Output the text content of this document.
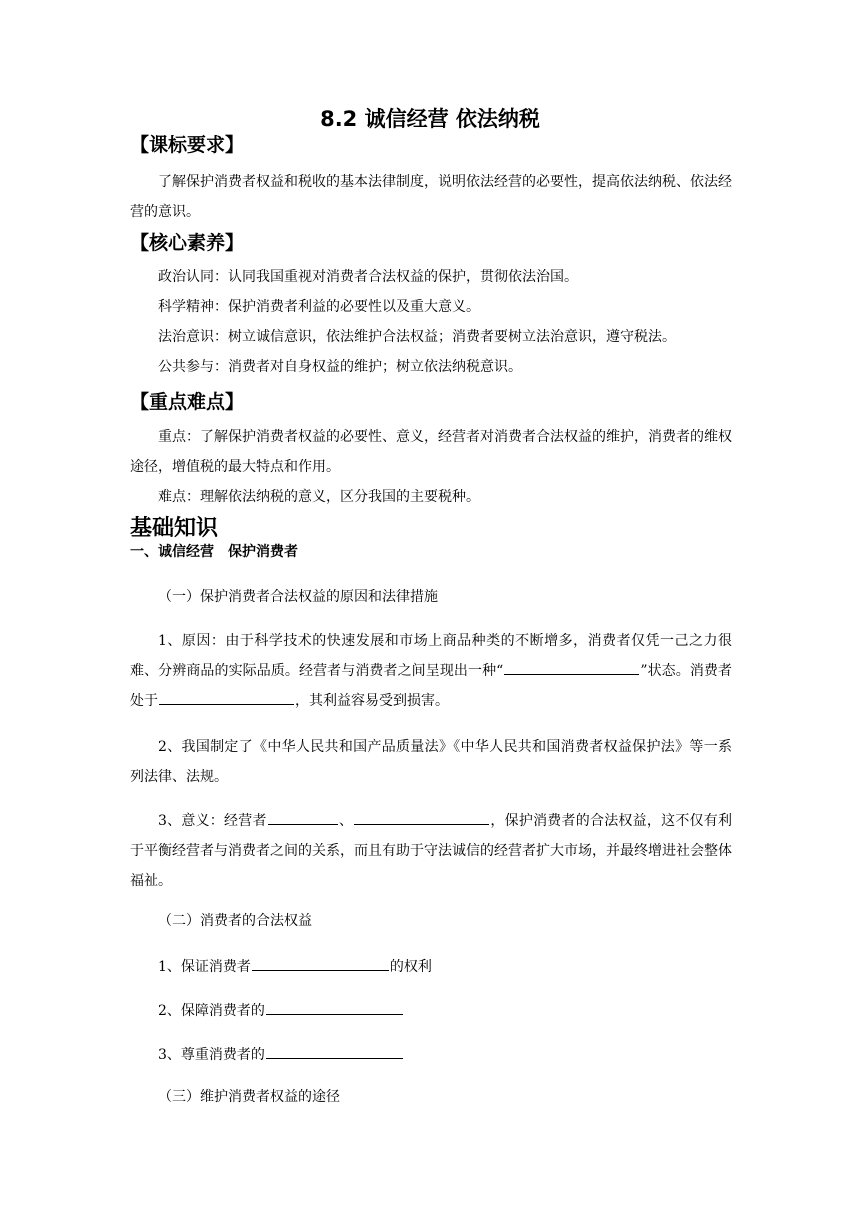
8.2 诚信经营 依法纳税
【课标要求】

了解保护消费者权益和税收的基本法律制度，说明依法经营的必要性，提高依法纳税、依法经营的意识。

【核心素养】
政治认同：认同我国重视对消费者合法权益的保护，贯彻依法治国。
科学精神：保护消费者利益的必要性以及重大意义。
法治意识：树立诚信意识，依法维护合法权益；消费者要树立法治意识，遵守税法。
公共参与：消费者对自身权益的维护；树立依法纳税意识。
【重点难点】

重点：了解保护消费者权益的必要性、意义，经营者对消费者合法权益的维护，消费者的维权途径，增值税的最大特点和作用。

难点：理解依法纳税的意义，区分我国的主要税种。
基础知识
一、诚信经营　保护消费者
（一）保护消费者合法权益的原因和法律措施

1、原因：由于科学技术的快速发展和市场上商品种类的不断增多，消费者仅凭一己之力很难、分辨商品的实际品质。经营者与消费者之间呈现出一种“	”状态。消费者处于	，其利益容易受到损害。

2、我国制定了《中华人民共和国产品质量法》《中华人民共和国消费者权益保护法》等一系列法律、法规。

3、意义：经营者	、	，保护消费者的合法权益，这不仅有利于平衡经营者与消费者之间的关系，而且有助于守法诚信的经营者扩大市场，并最终增进社会整体福祉。

（二）消费者的合法权益
1、保证消费者	的权利
2、保障消费者的
3、尊重消费者的
（三）维护消费者权益的途径
